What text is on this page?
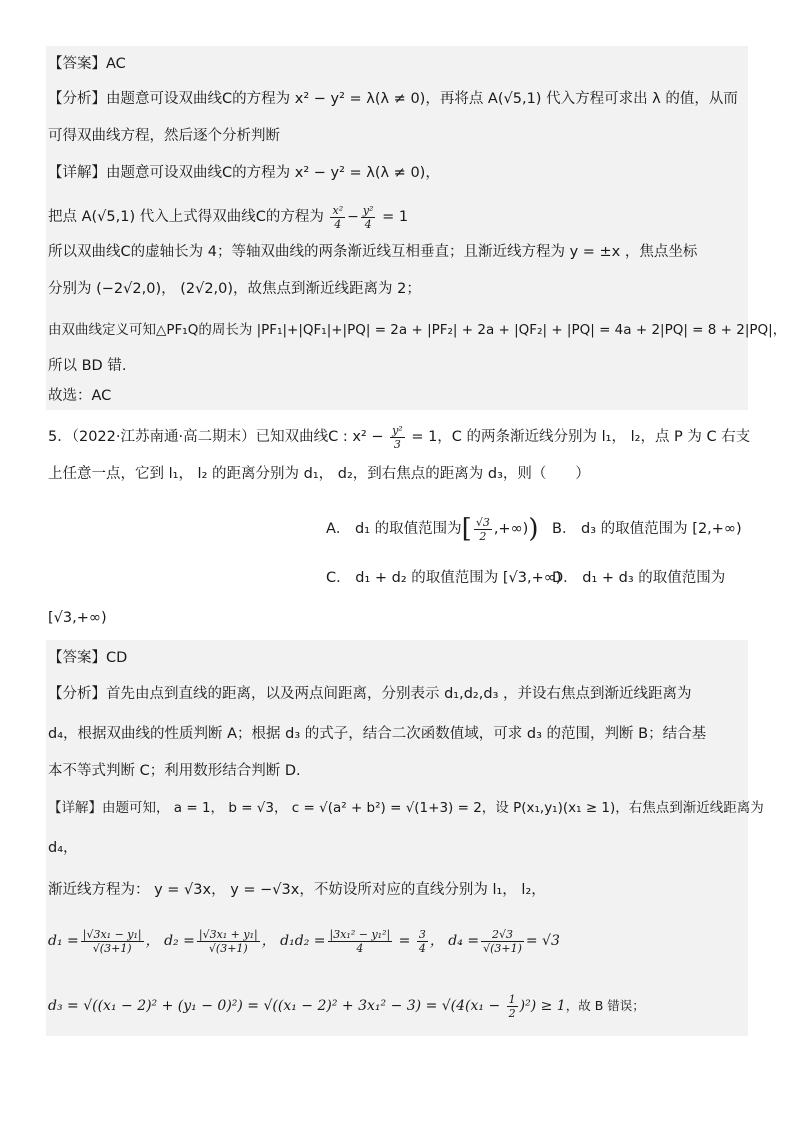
【答案】AC
【分析】由题意可设双曲线C的方程为 x² − y² = λ(λ ≠ 0)，再将点 A(√5,1) 代入方程可求出 λ 的值，从而
可得双曲线方程，然后逐个分析判断
【详解】由题意可设双曲线C的方程为 x² − y² = λ(λ ≠ 0)，
把点 A(√5,1) 代入上式得双曲线C的方程为 $\frac{\text{x²}}{4} - \frac{\text{y²}}{4} = 1$
所以双曲线C的虚轴长为 4；等轴双曲线的两条渐近线互相垂直；且渐近线方程为 y = ±x ，焦点坐标
分别为 (−2√2,0)， (2√2,0)，故焦点到渐近线距离为 2；
由双曲线定义可知△PF₁Q的周长为 |PF₁|+|QF₁|+|PQ| = 2a + |PF₂| + 2a + |QF₂| + |PQ| = 4a + 2|PQ| = 8 + 2|PQ|，
所以 BD 错.
故选：AC
5．（2022·江苏南通·高二期末）已知双曲线C : $x^2 - \frac{\text{y²}}{3} = 1$，C 的两条渐近线分别为 l₁， l₂，点 P 为 C 右支
上任意一点，它到 l₁， l₂ 的距离分别为 d₁， d₂，到右焦点的距离为 d₃，则（　　）
A． d₁ 的取值范围为[ $\frac{√3}{2}$ ,+∞)) B． d₃ 的取值范围为 [2,+∞)
C． d₁ + d₂ 的取值范围为 [√3,+∞)
D． d₁ + d₃ 的取值范围为
[√3,+∞)
【答案】CD
【分析】首先由点到直线的距离，以及两点间距离，分别表示 d₁,d₂,d₃ ，并设右焦点到渐近线距离为
d₄，根据双曲线的性质判断 A；根据 d₃ 的式子，结合二次函数值域，可求 d₃ 的范围，判断 B；结合基
本不等式判断 C；利用数形结合判断 D.
【详解】由题可知， a = 1， b = √3， c = √(a² + b²) = √(1+3) = 2，设 P(x₁,y₁)(x₁ ≥ 1)，右焦点到渐近线距离为
d₄，
渐近线方程为： y = √3x， y = −√3x，不妨设所对应的直线分别为 l₁， l₂，
$d_1 = \frac{\text{|√3x₁ − y₁|}}{√(3+1)}$ ， $d_2 = \frac{\text{|√3x₁ + y₁|}}{√(3+1)}$ ， $d_1d_2 = \frac{\text{|3x₁² − y₁²|}}{4} = \frac{3}{4}$ ， $d_4 = \frac{2√3}{√(3+1)} = √3$
$d_3 = √((x_1 - 2)^2 + (y_1 - 0)^2) = √((x_1 - 2)^2 + 3x_1^2 - 3) = √(4(x_1 - \frac{1}{2} )^2) \ge 1$，故 B 错误；
